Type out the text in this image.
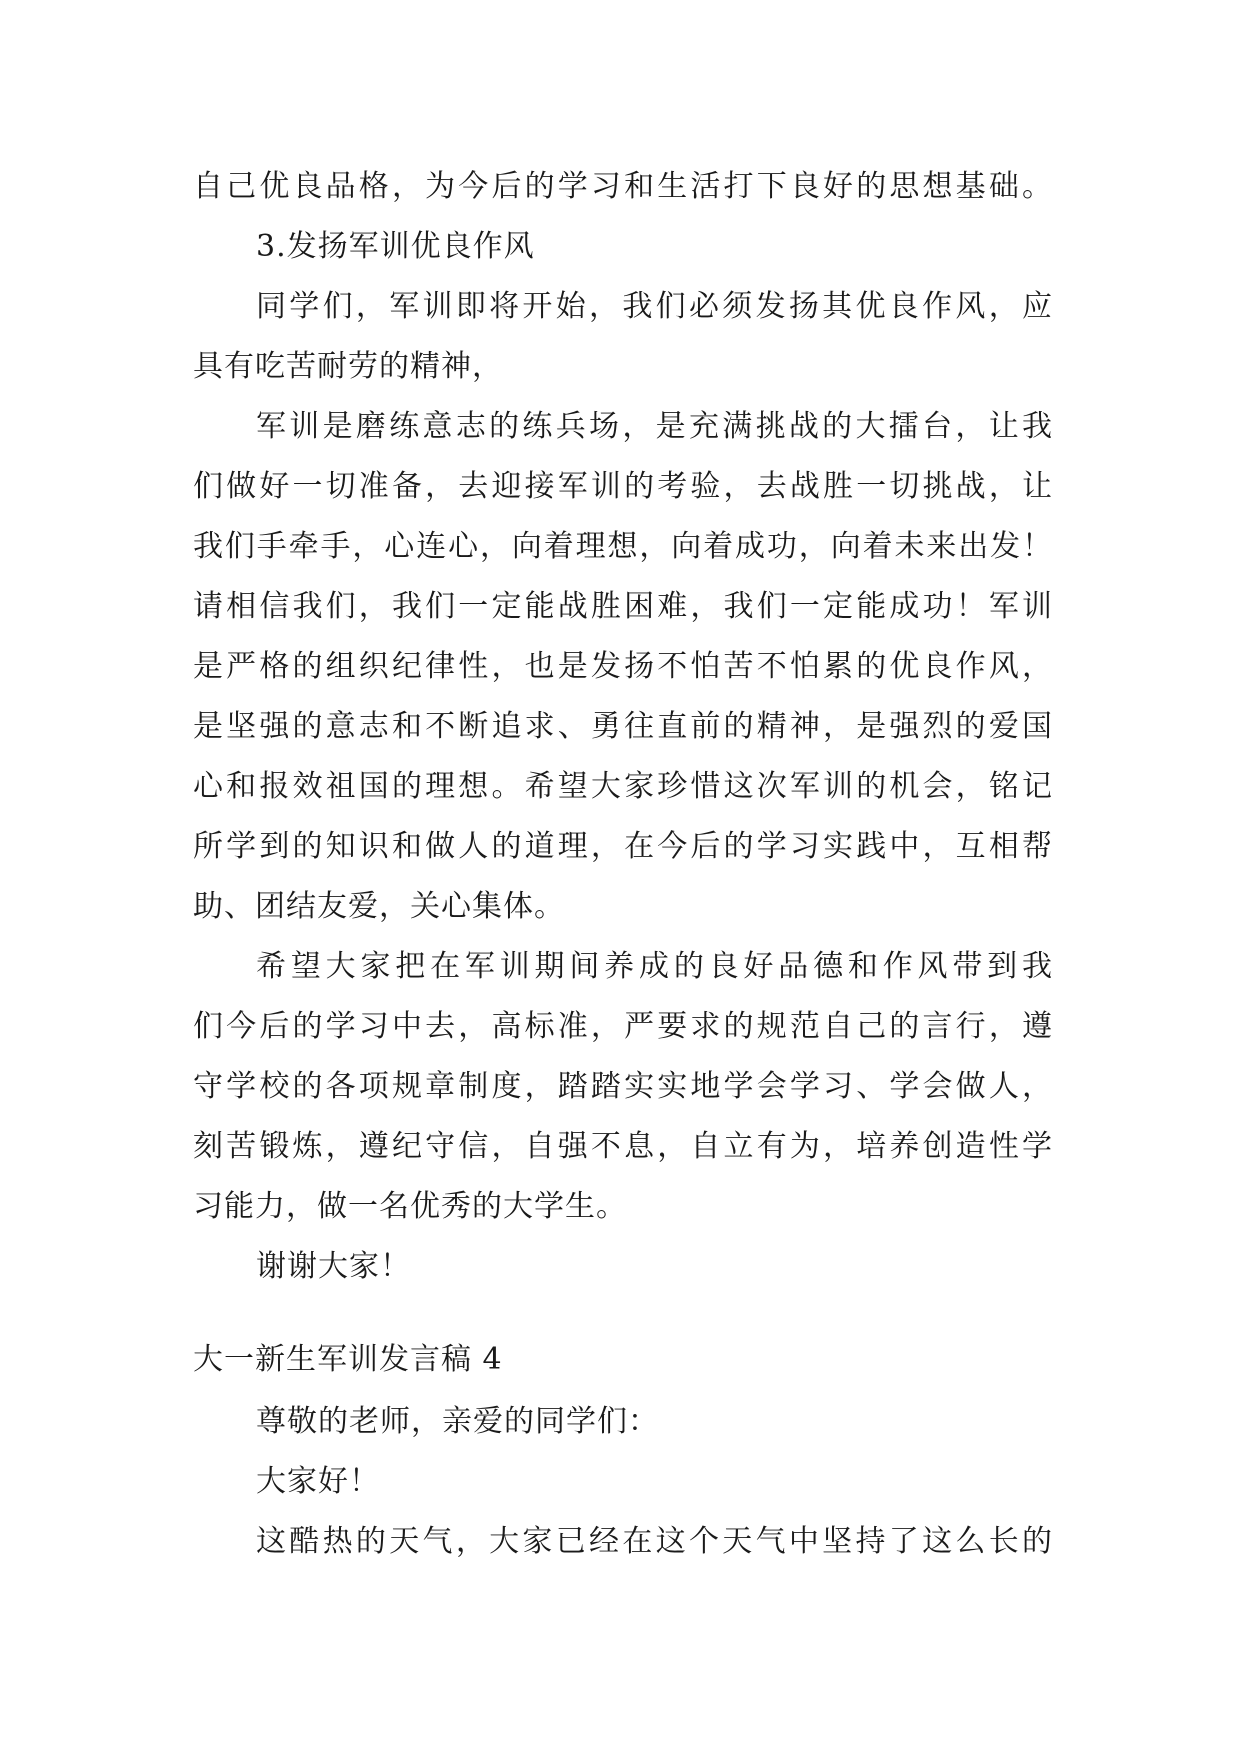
自己优良品格，为今后的学习和生活打下良好的思想基础。
3.发扬军训优良作风
同学们，军训即将开始，我们必须发扬其优良作风，应
具有吃苦耐劳的精神，
军训是磨练意志的练兵场，是充满挑战的大擂台，让我
们做好一切准备，去迎接军训的考验，去战胜一切挑战，让
我们手牵手，心连心，向着理想，向着成功，向着未来出发！
请相信我们，我们一定能战胜困难，我们一定能成功！军训
是严格的组织纪律性，也是发扬不怕苦不怕累的优良作风，
是坚强的意志和不断追求、勇往直前的精神，是强烈的爱国
心和报效祖国的理想。希望大家珍惜这次军训的机会，铭记
所学到的知识和做人的道理，在今后的学习实践中，互相帮
助、团结友爱，关心集体。
希望大家把在军训期间养成的良好品德和作风带到我
们今后的学习中去，高标准，严要求的规范自己的言行，遵
守学校的各项规章制度，踏踏实实地学会学习、学会做人，
刻苦锻炼，遵纪守信，自强不息，自立有为，培养创造性学
习能力，做一名优秀的大学生。
谢谢大家！
大一新生军训发言稿 4
尊敬的老师，亲爱的同学们：
大家好！
这酷热的天气，大家已经在这个天气中坚持了这么长的
